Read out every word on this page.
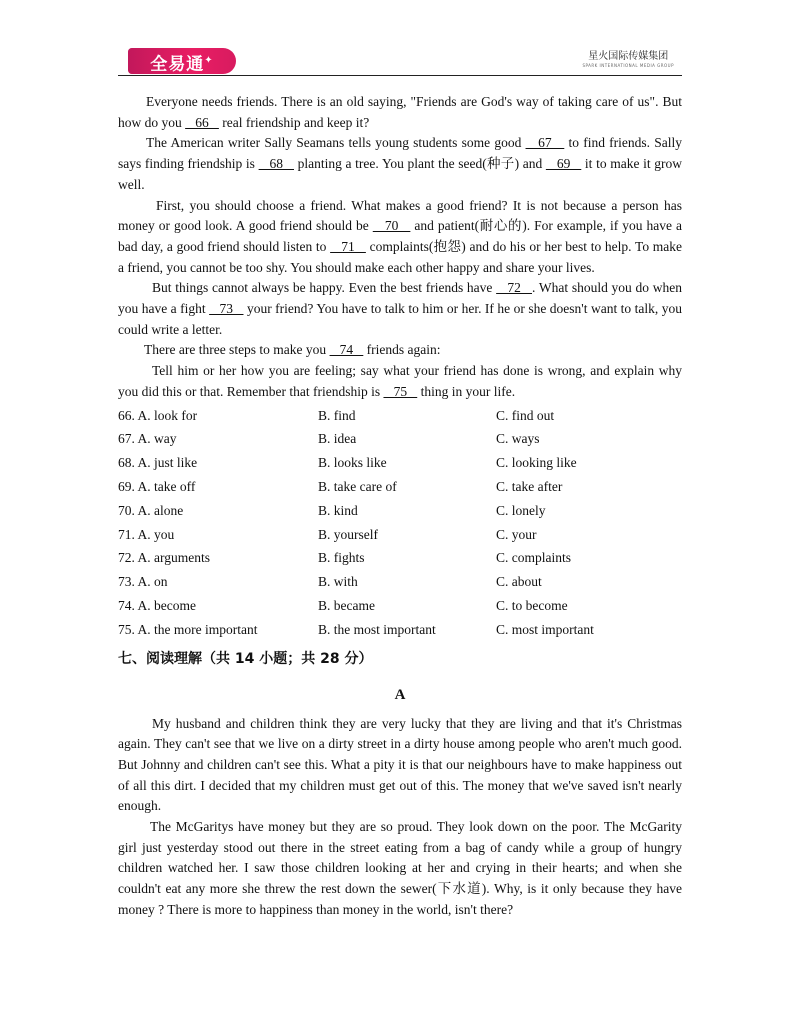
全易通✦	星火国际传媒集团
SPARK INTERNATIONAL MEDIA GROUP

Everyone needs friends. There is an old saying, "Friends are God's way of taking care of us". But how do you    66    real friendship and keep it?

The American writer Sally Seamans tells young students some good    67    to find friends. Sally says finding friendship is    68    planting a tree. You plant the seed(种子) and    69    it to make it grow well.

First, you should choose a friend. What makes a good friend? It is not because a person has money or good look. A good friend should be    70    and patient(耐心的). For example, if you have a bad day, a good friend should listen to    71    complaints(抱怨) and do his or her best to help. To make a friend, you cannot be too shy. You should make each other happy and share your lives.

But things cannot always be happy. Even the best friends have    72   . What should you do when you have a fight    73    your friend? You have to talk to him or her. If he or she doesn't want to talk, you could write a letter.

There are three steps to make you    74    friends again:

Tell him or her how you are feeling; say what your friend has done is wrong, and explain why you did this or that. Remember that friendship is    75    thing in your life.

66. A. look for	B. find	C. find out
67. A. way	B. idea	C. ways
68. A. just like	B. looks like	C. looking like
69. A. take off	B. take care of	C. take after
70. A. alone	B. kind	C. lonely
71. A. you	B. yourself	C. your
72. A. arguments	B. fights	C. complaints
73. A. on	B. with	C. about
74. A. become	B. became	C. to become
75. A. the more important	B. the most important	C. most important
七、阅读理解（共 14 小题；共 28 分）
A

My husband and children think they are very lucky that they are living and that it's Christmas again. They can't see that we live on a dirty street in a dirty house among people who aren't much good. But Johnny and children can't see this. What a pity it is that our neighbours have to make happiness out of all this dirt. I decided that my children must get out of this. The money that we've saved isn't nearly enough.

The McGaritys have money but they are so proud. They look down on the poor. The McGarity girl just yesterday stood out there in the street eating from a bag of candy while a group of hungry children watched her. I saw those children looking at her and crying in their hearts; and when she couldn't eat any more she threw the rest down the sewer(下水道). Why, is it only because they have money ? There is more to happiness than money in the world, isn't there?
